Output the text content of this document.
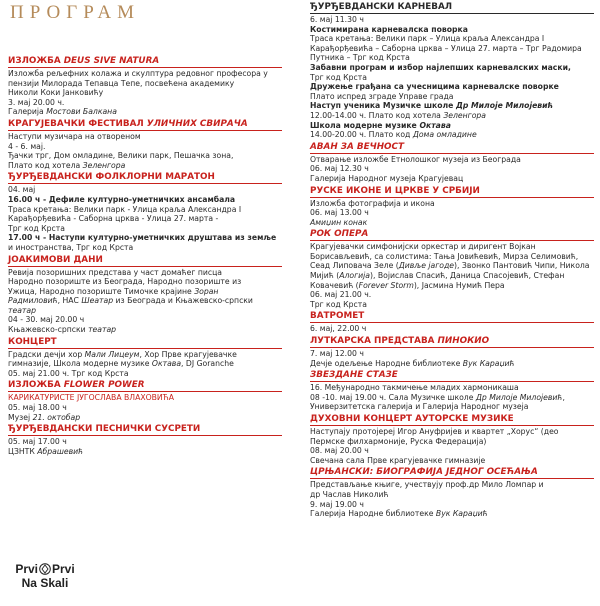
ПРОГРАМ
ИЗЛОЖБА DEUS SIVE NATURA
Изложба рељефних колажа и скулптура редовног професора у
пензији Милорада Тепавца Тепе, посвећена академику
Николи Коки Јанковићу
3. мај 20.00 ч.
Галерија Мостови Балкана
КРАГУЈЕВАЧКИ ФЕСТИВАЛ УЛИЧНИХ СВИРАЧА
Наступи музичара на отвореном
4 - 6. мај.
Ђачки трг, Дом омладине, Велики парк, Пешачка зона,
Плато код хотела Зеленгора
ЂУРЂЕВДАНСКИ ФОЛКЛОРНИ МАРАТОН
04. мај
16.00 ч - Дефиле културно-уметничких ансамбала
Траса кретања: Велики парк - Улица краља Александра I
Карађорђевића - Саборна црква - Улица 27. марта -
Трг код Крста
17.00 ч - Наступи културно-уметничких друштава из земље
и иностранства, Трг код Крста
ЈОАКИМОВИ ДАНИ
Ревија позоришних представа у част домаћег писца
Народно позориште из Београда, Народно позориште из
Ужица, Народно позориште Тимочке крајине Зоран
Радмиловић, НАС Шеатар из Београда и Књажевско-српски
театар
04 - 30. мај 20.00 ч
Књажевско-српски театар
КОНЦЕРТ
Градски дечји хор Мали Лицеум, Хор Прве крагујевачке
гимназије, Школа модерне музике Октава, DJ Goranche
05. мај 21.00 ч. Трг код Крста
ИЗЛОЖБА FLOWER POWER
КАРИКАТУРИСТЕ ЈУГОСЛАВА ВЛАХОВИЋА
05. мај 18.00 ч
Музеј 21. октобар
ЂУРЂЕВДАНСКИ ПЕСНИЧКИ СУСРЕТИ
05. мај 17.00 ч
ЦЗНТК Абрашевић
ЂУРЂЕВДАНСКИ КАРНЕВАЛ
6. мај 11.30 ч
Костимирана карневалска поворка
Траса кретања: Велики парк – Улица краља Александра I
Карађорђевића – Саборна црква – Улица 27. марта – Трг Радомира
Путника – Трг код Крста
Забавни програм и избор најлепших карневалских маски,
Трг код Крста
Дружење грађана са учесницима карневалске поворке
Плато испред зграде Управе града
Наступ ученика Музичке школе Др Милоје Милојевић
12.00-14.00 ч. Плато код хотела Зеленгора
Школа модерне музике Октава
14.00-20.00 ч. Плато код Дома омладине
АВАН ЗА ВЕЧНОСТ
Отварање изложбе Етнолошког музеја из Београда
06. мај 12.30 ч
Галерија Народног музеја Крагујевац
РУСКЕ ИКОНЕ И ЦРКВЕ У СРБИЈИ
Изложба фотографија и икона
06. мај 13.00 ч
Амиџин конак
РОК ОПЕРА
Крагујевачки симфонијски оркестар и диригент Војкан
Борисављевић, са солистима: Тања Јовићевић, Мирза Селимовић,
Сеад Липовача Зеле (Дивље јагоде), Звонко Пантовић Чипи, Никола
Мијић (Алогија), Војислав Спасић, Даница Спасојевић, Стефан
Ковачевић (Forever Storm), Јасмина Нумић Пера
06. мај 21.00 ч.
Трг код Крста
ВАТРОМЕТ
6. мај, 22.00 ч
ЛУТКАРСКА ПРЕДСТАВА ПИНОКИО
7. мај 12.00 ч
Дечје одељење Народне библиотеке Вук Караџић
ЗВЕЗДАНЕ СТАЗЕ
16. Међународно такмичење младих хармоникаша
08 -10. мај 19.00 ч. Сала Музичке школе Др Милоје Милојевић,
Универзитетска галерија и Галерија Народног музеја
ДУХОВНИ КОНЦЕРТ АУТОРСКЕ МУЗИКЕ
Наступају протојереј Игор Ануфријев и квартет „Хорус“ (део
Пермске филхармоније, Руска Федерација)
08. мај 20.00 ч
Свечана сала Прве крагујевачке гимназије
ЦРЊАНСКИ: БИОГРАФИЈА ЈЕДНОГ ОСЕЋАЊА
Представљање књиге, учествују проф.др Мило Ломпар и
др Часлав Николић
9. мај 19.00 ч
Галерија Народне библиотеке Вук Караџић
Prvi Prvi
Na Skali
